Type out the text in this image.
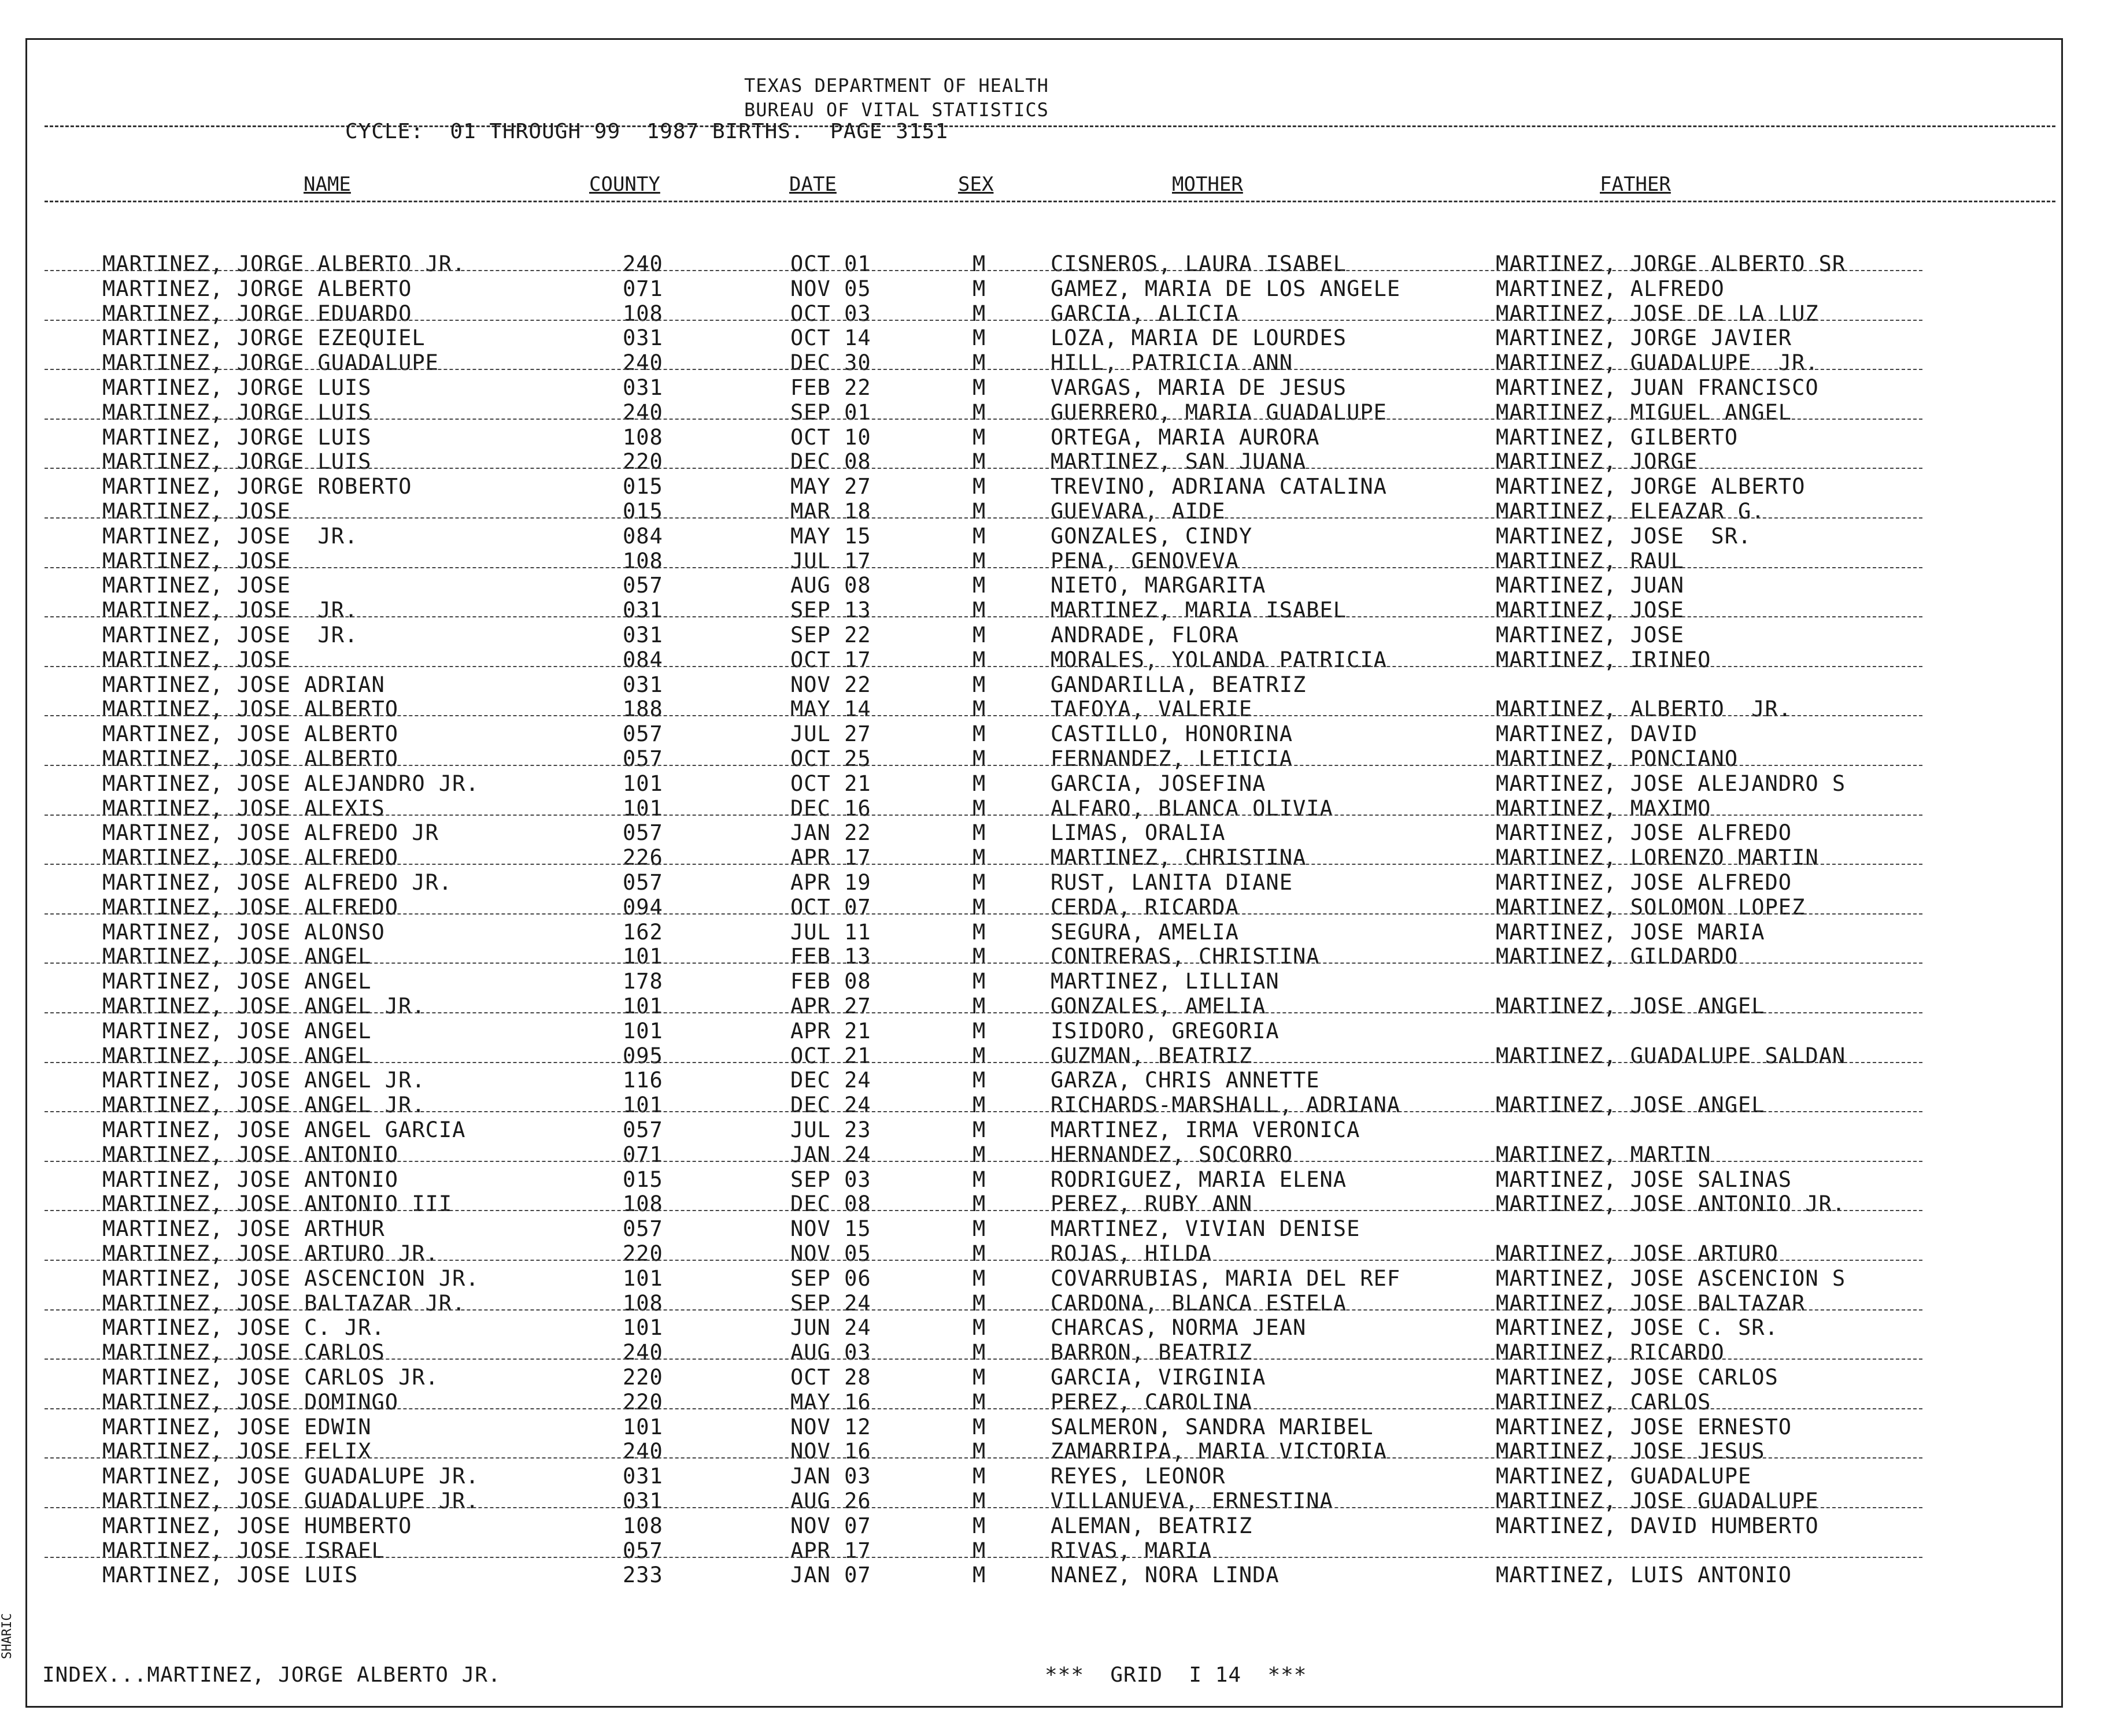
TEXAS DEPARTMENT OF HEALTH
BUREAU OF VITAL STATISTICS
CYCLE:  01 THROUGH 99  1987 BIRTHS.  PAGE 3151
NAME	COUNTY	DATE	SEX	MOTHER	FATHER
MARTINEZ, JORGE ALBERTO JR.	240	OCT 01	M	CISNEROS, LAURA ISABEL	MARTINEZ, JORGE ALBERTO SR
MARTINEZ, JORGE ALBERTO	071	NOV 05	M	GAMEZ, MARIA DE LOS ANGELE	MARTINEZ, ALFREDO
MARTINEZ, JORGE EDUARDO	108	OCT 03	M	GARCIA, ALICIA	MARTINEZ, JOSE DE LA LUZ
MARTINEZ, JORGE EZEQUIEL	031	OCT 14	M	LOZA, MARIA DE LOURDES	MARTINEZ, JORGE JAVIER
MARTINEZ, JORGE GUADALUPE	240	DEC 30	M	HILL, PATRICIA ANN	MARTINEZ, GUADALUPE  JR.
MARTINEZ, JORGE LUIS	031	FEB 22	M	VARGAS, MARIA DE JESUS	MARTINEZ, JUAN FRANCISCO
MARTINEZ, JORGE LUIS	240	SEP 01	M	GUERRERO, MARIA GUADALUPE	MARTINEZ, MIGUEL ANGEL
MARTINEZ, JORGE LUIS	108	OCT 10	M	ORTEGA, MARIA AURORA	MARTINEZ, GILBERTO
MARTINEZ, JORGE LUIS	220	DEC 08	M	MARTINEZ, SAN JUANA	MARTINEZ, JORGE
MARTINEZ, JORGE ROBERTO	015	MAY 27	M	TREVINO, ADRIANA CATALINA	MARTINEZ, JORGE ALBERTO
MARTINEZ, JOSE	015	MAR 18	M	GUEVARA, AIDE	MARTINEZ, ELEAZAR G.
MARTINEZ, JOSE  JR.	084	MAY 15	M	GONZALES, CINDY	MARTINEZ, JOSE  SR.
MARTINEZ, JOSE	108	JUL 17	M	PENA, GENOVEVA	MARTINEZ, RAUL
MARTINEZ, JOSE	057	AUG 08	M	NIETO, MARGARITA	MARTINEZ, JUAN
MARTINEZ, JOSE  JR.	031	SEP 13	M	MARTINEZ, MARIA ISABEL	MARTINEZ, JOSE
MARTINEZ, JOSE  JR.	031	SEP 22	M	ANDRADE, FLORA	MARTINEZ, JOSE
MARTINEZ, JOSE	084	OCT 17	M	MORALES, YOLANDA PATRICIA	MARTINEZ, IRINEO
MARTINEZ, JOSE ADRIAN	031	NOV 22	M	GANDARILLA, BEATRIZ
MARTINEZ, JOSE ALBERTO	188	MAY 14	M	TAFOYA, VALERIE	MARTINEZ, ALBERTO  JR.
MARTINEZ, JOSE ALBERTO	057	JUL 27	M	CASTILLO, HONORINA	MARTINEZ, DAVID
MARTINEZ, JOSE ALBERTO	057	OCT 25	M	FERNANDEZ, LETICIA	MARTINEZ, PONCIANO
MARTINEZ, JOSE ALEJANDRO JR.	101	OCT 21	M	GARCIA, JOSEFINA	MARTINEZ, JOSE ALEJANDRO S
MARTINEZ, JOSE ALEXIS	101	DEC 16	M	ALFARO, BLANCA OLIVIA	MARTINEZ, MAXIMO
MARTINEZ, JOSE ALFREDO JR	057	JAN 22	M	LIMAS, ORALIA	MARTINEZ, JOSE ALFREDO
MARTINEZ, JOSE ALFREDO	226	APR 17	M	MARTINEZ, CHRISTINA	MARTINEZ, LORENZO MARTIN
MARTINEZ, JOSE ALFREDO JR.	057	APR 19	M	RUST, LANITA DIANE	MARTINEZ, JOSE ALFREDO
MARTINEZ, JOSE ALFREDO	094	OCT 07	M	CERDA, RICARDA	MARTINEZ, SOLOMON LOPEZ
MARTINEZ, JOSE ALONSO	162	JUL 11	M	SEGURA, AMELIA	MARTINEZ, JOSE MARIA
MARTINEZ, JOSE ANGEL	101	FEB 13	M	CONTRERAS, CHRISTINA	MARTINEZ, GILDARDO
MARTINEZ, JOSE ANGEL	178	FEB 08	M	MARTINEZ, LILLIAN
MARTINEZ, JOSE ANGEL JR.	101	APR 27	M	GONZALES, AMELIA	MARTINEZ, JOSE ANGEL
MARTINEZ, JOSE ANGEL	101	APR 21	M	ISIDORO, GREGORIA
MARTINEZ, JOSE ANGEL	095	OCT 21	M	GUZMAN, BEATRIZ	MARTINEZ, GUADALUPE SALDAN
MARTINEZ, JOSE ANGEL JR.	116	DEC 24	M	GARZA, CHRIS ANNETTE
MARTINEZ, JOSE ANGEL JR.	101	DEC 24	M	RICHARDS-MARSHALL, ADRIANA	MARTINEZ, JOSE ANGEL
MARTINEZ, JOSE ANGEL GARCIA	057	JUL 23	M	MARTINEZ, IRMA VERONICA
MARTINEZ, JOSE ANTONIO	071	JAN 24	M	HERNANDEZ, SOCORRO	MARTINEZ, MARTIN
MARTINEZ, JOSE ANTONIO	015	SEP 03	M	RODRIGUEZ, MARIA ELENA	MARTINEZ, JOSE SALINAS
MARTINEZ, JOSE ANTONIO III	108	DEC 08	M	PEREZ, RUBY ANN	MARTINEZ, JOSE ANTONIO JR.
MARTINEZ, JOSE ARTHUR	057	NOV 15	M	MARTINEZ, VIVIAN DENISE
MARTINEZ, JOSE ARTURO JR.	220	NOV 05	M	ROJAS, HILDA	MARTINEZ, JOSE ARTURO
MARTINEZ, JOSE ASCENCION JR.	101	SEP 06	M	COVARRUBIAS, MARIA DEL REF	MARTINEZ, JOSE ASCENCION S
MARTINEZ, JOSE BALTAZAR JR.	108	SEP 24	M	CARDONA, BLANCA ESTELA	MARTINEZ, JOSE BALTAZAR
MARTINEZ, JOSE C. JR.	101	JUN 24	M	CHARCAS, NORMA JEAN	MARTINEZ, JOSE C. SR.
MARTINEZ, JOSE CARLOS	240	AUG 03	M	BARRON, BEATRIZ	MARTINEZ, RICARDO
MARTINEZ, JOSE CARLOS JR.	220	OCT 28	M	GARCIA, VIRGINIA	MARTINEZ, JOSE CARLOS
MARTINEZ, JOSE DOMINGO	220	MAY 16	M	PEREZ, CAROLINA	MARTINEZ, CARLOS
MARTINEZ, JOSE EDWIN	101	NOV 12	M	SALMERON, SANDRA MARIBEL	MARTINEZ, JOSE ERNESTO
MARTINEZ, JOSE FELIX	240	NOV 16	M	ZAMARRIPA, MARIA VICTORIA	MARTINEZ, JOSE JESUS
MARTINEZ, JOSE GUADALUPE JR.	031	JAN 03	M	REYES, LEONOR	MARTINEZ, GUADALUPE
MARTINEZ, JOSE GUADALUPE JR.	031	AUG 26	M	VILLANUEVA, ERNESTINA	MARTINEZ, JOSE GUADALUPE
MARTINEZ, JOSE HUMBERTO	108	NOV 07	M	ALEMAN, BEATRIZ	MARTINEZ, DAVID HUMBERTO
MARTINEZ, JOSE ISRAEL	057	APR 17	M	RIVAS, MARIA
MARTINEZ, JOSE LUIS	233	JAN 07	M	NANEZ, NORA LINDA	MARTINEZ, LUIS ANTONIO
INDEX...MARTINEZ, JORGE ALBERTO JR.	***  GRID  I 14  ***
SHARIC
